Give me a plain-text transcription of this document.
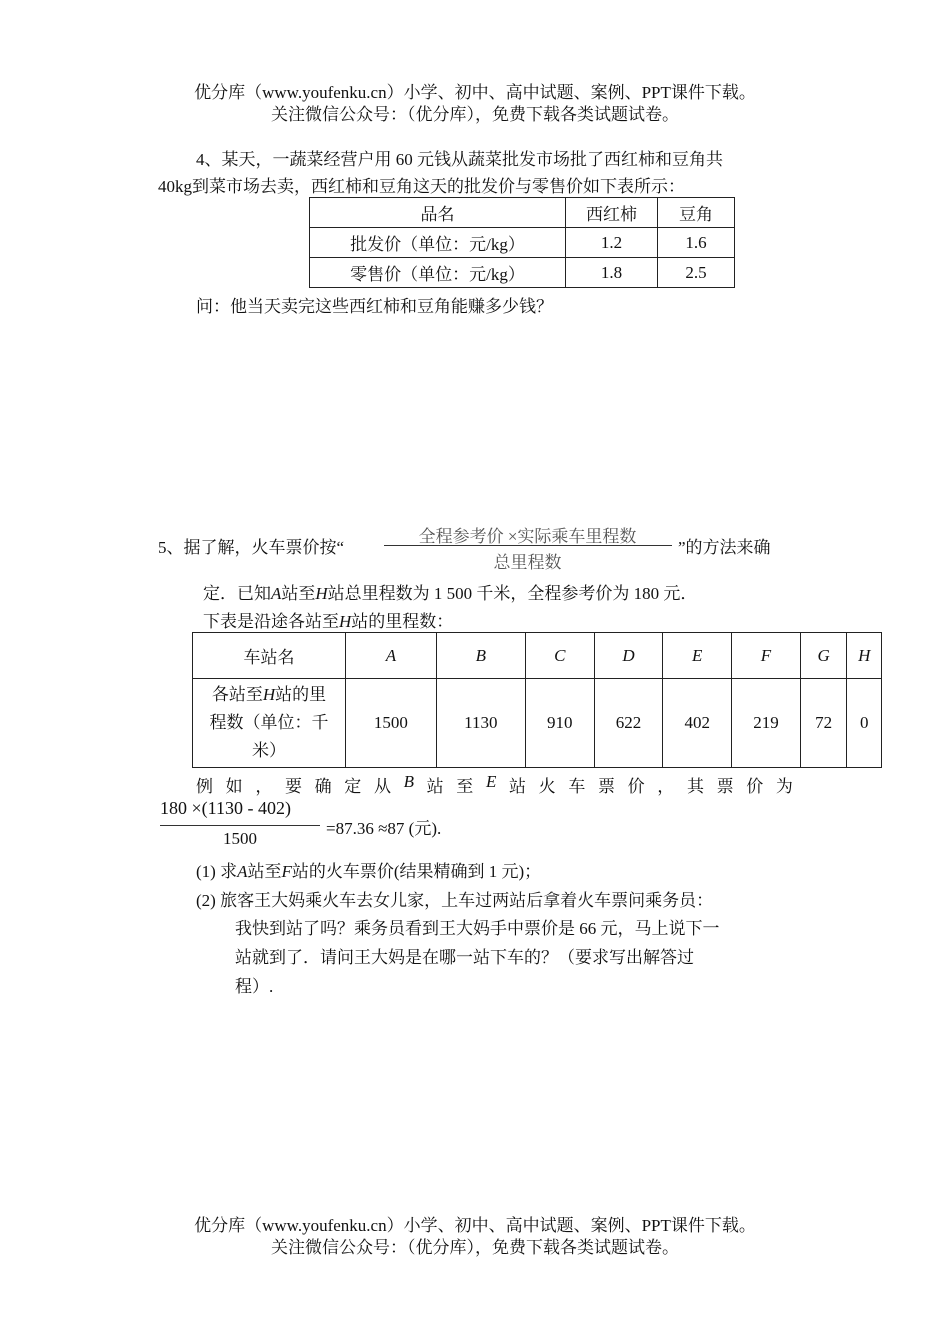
优分库（www.youfenku.cn）小学、初中、高中试题、案例、PPT课件下载。
关注微信公众号：（优分库），免费下载各类试题试卷。
4、某天，一蔬菜经营户用 60 元钱从蔬菜批发市场批了西红柿和豆角共
40kg到菜市场去卖，西红柿和豆角这天的批发价与零售价如下表所示：
品名	西红柿	豆角
批发价（单位：元/kg）	1.2	1.6
零售价（单位：元/kg）	1.8	2.5
问：他当天卖完这些西红柿和豆角能赚多少钱？
5、据了解，火车票价按“
全程参考价 ×实际乘车里程数
总里程数
”的方法来确
定．已知A站至H站总里程数为 1 500 千米，全程参考价为 180 元．
下表是沿途各站至H站的里程数：
车站名	A	B	C	D	E	F	G	H
各站至H站的里
程数（单位：千
米）	1500	1130	910	622	402	219	72	0
例 如 ， 要 确 定 从 B 站 至 E 站 火 车 票 价 ， 其 票 价 为
180 ×(1130 - 402)
1500
=87.36 ≈87 (元).
(1) 求A站至F站的火车票价(结果精确到 1 元)；
(2) 旅客王大妈乘火车去女儿家，上车过两站后拿着火车票问乘务员：
我快到站了吗？乘务员看到王大妈手中票价是 66 元，马上说下一
站就到了．请问王大妈是在哪一站下车的？（要求写出解答过
程）.
优分库（www.youfenku.cn）小学、初中、高中试题、案例、PPT课件下载。
关注微信公众号：（优分库），免费下载各类试题试卷。
